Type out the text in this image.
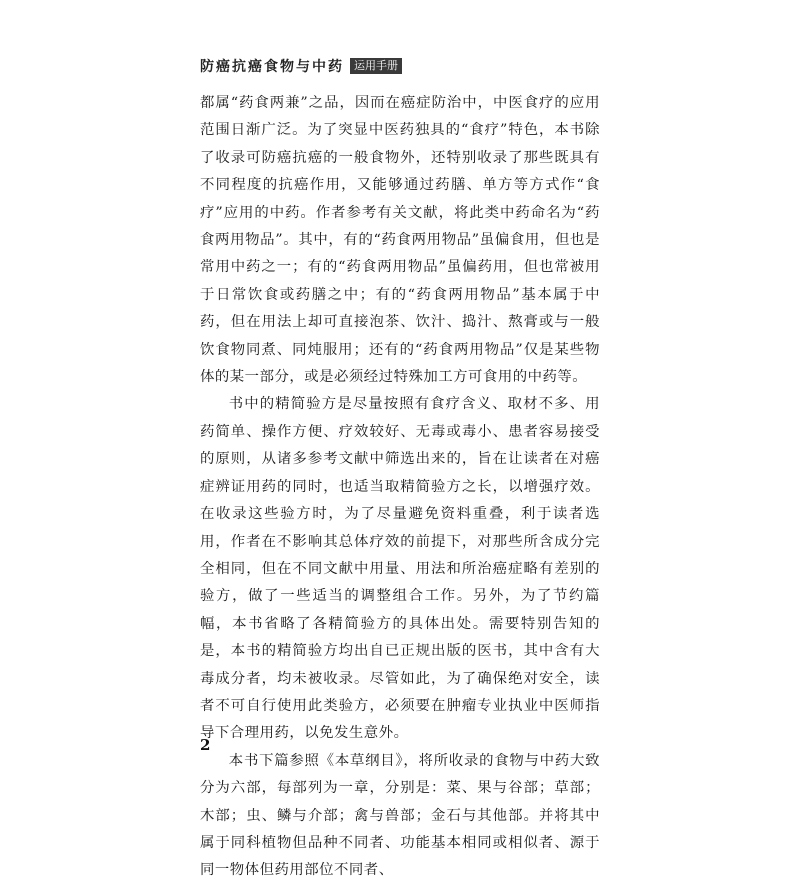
防癌抗癌食物与中药 运用手册

都属“药食两兼”之品，因而在癌症防治中，中医食疗的应用范围日渐广泛。为了突显中医药独具的“食疗”特色，本书除了收录可防癌抗癌的一般食物外，还特别收录了那些既具有不同程度的抗癌作用，又能够通过药膳、单方等方式作“食疗”应用的中药。作者参考有关文献，将此类中药命名为“药食两用物品”。其中，有的“药食两用物品”虽偏食用，但也是常用中药之一；有的“药食两用物品”虽偏药用，但也常被用于日常饮食或药膳之中；有的“药食两用物品”基本属于中药，但在用法上却可直接泡茶、饮汁、捣汁、熬膏或与一般饮食物同煮、同炖服用；还有的“药食两用物品”仅是某些物体的某一部分，或是必须经过特殊加工方可食用的中药等。

书中的精简验方是尽量按照有食疗含义、取材不多、用药简单、操作方便、疗效较好、无毒或毒小、患者容易接受的原则，从诸多参考文献中筛选出来的，旨在让读者在对癌症辨证用药的同时，也适当取精简验方之长，以增强疗效。在收录这些验方时，为了尽量避免资料重叠，利于读者选用，作者在不影响其总体疗效的前提下，对那些所含成分完全相同，但在不同文献中用量、用法和所治癌症略有差别的验方，做了一些适当的调整组合工作。另外，为了节约篇幅，本书省略了各精简验方的具体出处。需要特别告知的是，本书的精简验方均出自已正规出版的医书，其中含有大毒成分者，均未被收录。尽管如此，为了确保绝对安全，读者不可自行使用此类验方，必须要在肿瘤专业执业中医师指导下合理用药，以免发生意外。

本书下篇参照《本草纲目》，将所收录的食物与中药大致分为六部，每部列为一章，分别是：菜、果与谷部；草部；木部；虫、鳞与介部；禽与兽部；金石与其他部。并将其中属于同科植物但品种不同者、功能基本相同或相似者、源于同一物体但药用部位不同者、

2
